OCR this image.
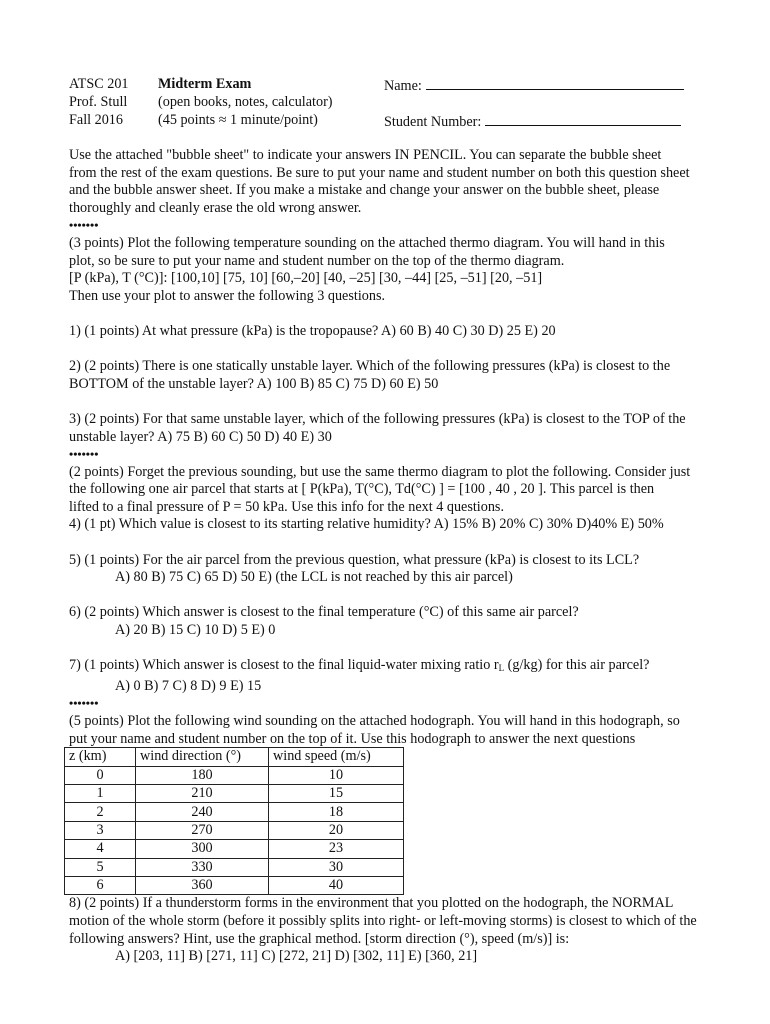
ATSC 201
Prof. Stull
Fall 2016
Midterm Exam
(open books, notes, calculator)
(45 points ≈ 1 minute/point)
Name:
Student Number:

Use the attached "bubble sheet" to indicate your answers IN PENCIL. You can separate the bubble sheet

from the rest of the exam questions. Be sure to put your name and student number on both this question sheet

and the bubble answer sheet. If you make a mistake and change your answer on the bubble sheet, please

thoroughly and cleanly erase the old wrong answer.

•••••••

(3 points) Plot the following temperature sounding on the attached thermo diagram. You will hand in this

plot, so be sure to put your name and student number on the top of the thermo diagram.

[P (kPa), T (°C)]: [100,10] [75, 10] [60,–20] [40, –25] [30, –44] [25, –51] [20, –51]

Then use your plot to answer the following 3 questions.

1) (1 points) At what pressure (kPa) is the tropopause? A) 60 B) 40 C) 30 D) 25 E) 20

2) (2 points) There is one statically unstable layer. Which of the following pressures (kPa) is closest to the

BOTTOM of the unstable layer? A) 100 B) 85 C) 75 D) 60 E) 50

3) (2 points) For that same unstable layer, which of the following pressures (kPa) is closest to the TOP of the

unstable layer? A) 75 B) 60 C) 50 D) 40 E) 30

•••••••

(2 points) Forget the previous sounding, but use the same thermo diagram to plot the following. Consider just

the following one air parcel that starts at [ P(kPa), T(°C), Td(°C) ] = [100 , 40 , 20 ]. This parcel is then

lifted to a final pressure of P = 50 kPa. Use this info for the next 4 questions.

4) (1 pt) Which value is closest to its starting relative humidity? A) 15% B) 20% C) 30% D)40% E) 50%

5) (1 points) For the air parcel from the previous question, what pressure (kPa) is closest to its LCL?

A) 80 B) 75 C) 65 D) 50 E) (the LCL is not reached by this air parcel)

6) (2 points) Which answer is closest to the final temperature (°C) of this same air parcel?

A) 20 B) 15 C) 10 D) 5 E) 0

7) (1 points) Which answer is closest to the final liquid-water mixing ratio $r_L$ (g/kg) for this air parcel?

A) 0 B) 7 C) 8 D) 9 E) 15

•••••••

(5 points) Plot the following wind sounding on the attached hodograph. You will hand in this hodograph, so

put your name and student number on the top of it. Use this hodograph to answer the next questions

z (km)	wind direction (°)	wind speed (m/s)
0	180	10
1	210	15
2	240	18
3	270	20
4	300	23
5	330	30
6	360	40

8) (2 points) If a thunderstorm forms in the environment that you plotted on the hodograph, the NORMAL

motion of the whole storm (before it possibly splits into right- or left-moving storms) is closest to which of the

following answers? Hint, use the graphical method. [storm direction (°), speed (m/s)] is:

A) [203, 11] B) [271, 11] C) [272, 21] D) [302, 11] E) [360, 21]
